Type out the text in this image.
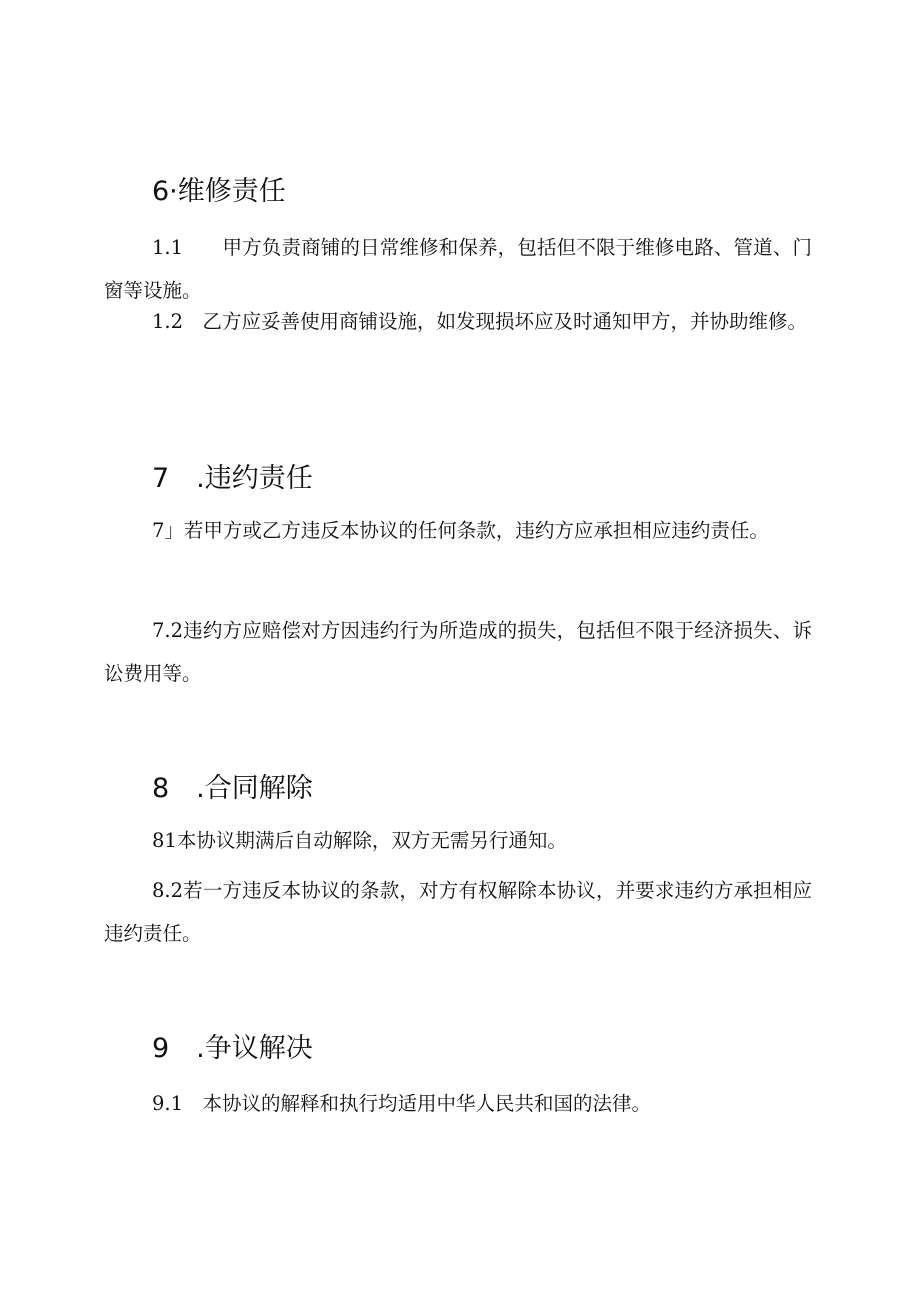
6·维修责任

1.1　　甲方负责商铺的日常维修和保养，包括但不限于维修电路、管道、门窗等设施。

1.2　乙方应妥善使用商铺设施，如发现损坏应及时通知甲方，并协助维修。

7　.违约责任

7」若甲方或乙方违反本协议的任何条款，违约方应承担相应违约责任。

7.2违约方应赔偿对方因违约行为所造成的损失，包括但不限于经济损失、诉讼费用等。

8　.合同解除

81本协议期满后自动解除，双方无需另行通知。

8.2若一方违反本协议的条款，对方有权解除本协议，并要求违约方承担相应违约责任。

9　.争议解决

9.1　本协议的解释和执行均适用中华人民共和国的法律。
